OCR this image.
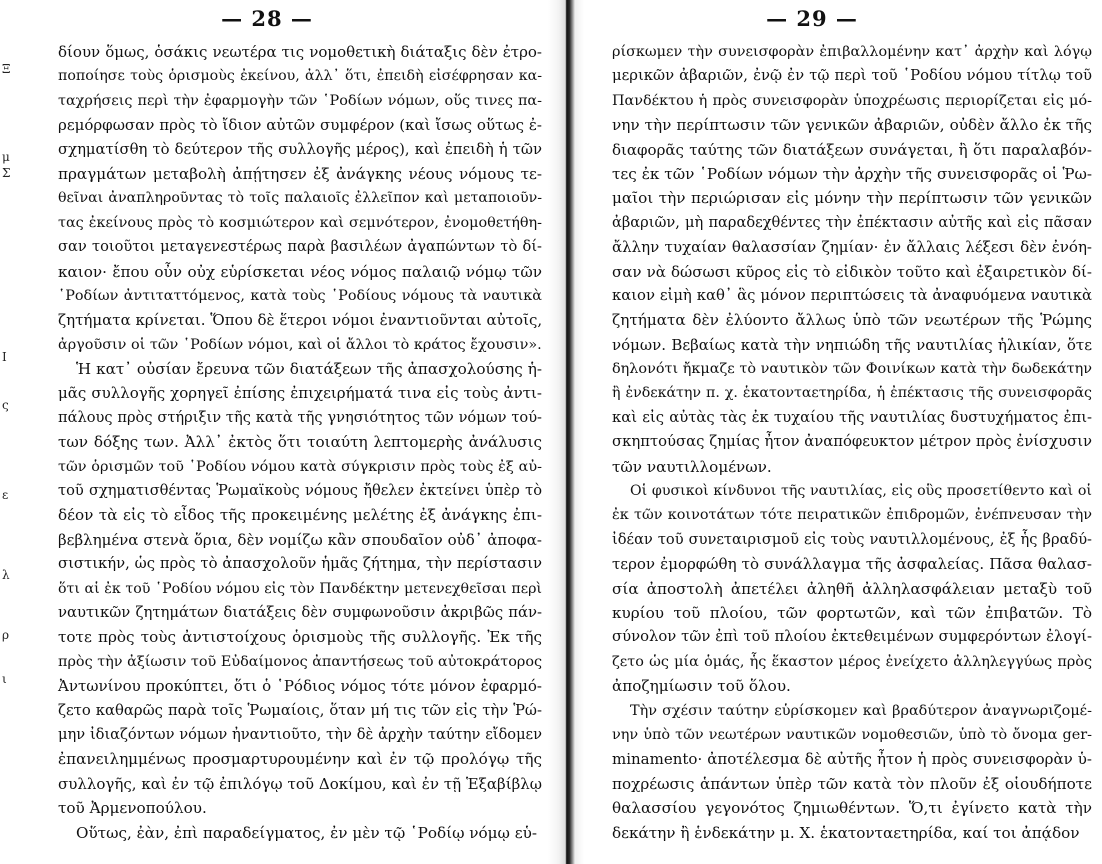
Ξ
μ
Σ
Ι
ς
ε
λ
ρ
ι
— 28 —
δίουν ὅμως, ὁσάκις νεωτέρα τις νομοθετικὴ διάταξις δὲν ἐτρο-
ποποίησε τοὺς ὁρισμοὺς ἐκείνου, ἀλλ᾿ ὅτι, ἐπειδὴ εἰσέφρησαν κα-
ταχρήσεις περὶ τὴν ἐφαρμογὴν τῶν ῾Ροδίων νόμων, οὕς τινες πα-
ρεμόρφωσαν πρὸς τὸ ἴδιον αὐτῶν συμφέρον (καὶ ἴσως οὕτως ἐ-
σχηματίσθη τὸ δεύτερον τῆς συλλογῆς μέρος), καὶ ἐπειδὴ ἡ τῶν
πραγμάτων μεταβολὴ ἀπῄτησεν ἐξ ἀνάγκης νέους νόμους τε-
θεῖναι ἀναπληροῦντας τὸ τοῖς παλαιοῖς ἐλλεῖπον καὶ μεταποιοῦν-
τας ἐκείνους πρὸς τὸ κοσμιώτερον καὶ σεμνότερον, ἐνομοθετήθη-
σαν τοιοῦτοι μεταγενεστέρως παρὰ βασιλέων ἀγαπώντων τὸ δί-
καιον· ἔπου οὖν οὐχ εὑρίσκεται νέος νόμος παλαιῷ νόμῳ τῶν
῾Ροδίων ἀντιταττόμενος, κατὰ τοὺς ῾Ροδίους νόμους τὰ ναυτικὰ
ζητήματα κρίνεται. Ὅπου δὲ ἕτεροι νόμοι ἐναντιοῦνται αὐτοῖς,
ἀργοῦσιν οἱ τῶν ῾Ροδίων νόμοι, καὶ οἱ ἄλλοι τὸ κράτος ἔχουσιν».
Ἡ κατ᾿ οὐσίαν ἔρευνα τῶν διατάξεων τῆς ἀπασχολούσης ἡ-
μᾶς συλλογῆς χορηγεῖ ἐπίσης ἐπιχειρήματά τινα εἰς τοὺς ἀντι-
πάλους πρὸς στήριξιν τῆς κατὰ τῆς γνησιότητος τῶν νόμων τού-
των δόξης των. Ἀλλ᾿ ἐκτὸς ὅτι τοιαύτη λεπτομερὴς ἀνάλυσις
τῶν ὁρισμῶν τοῦ ῾Ροδίου νόμου κατὰ σύγκρισιν πρὸς τοὺς ἐξ αὐ-
τοῦ σχηματισθέντας Ῥωμαϊκοὺς νόμους ἤθελεν ἐκτείνει ὑπὲρ τὸ
δέον τὰ εἰς τὸ εἶδος τῆς προκειμένης μελέτης ἐξ ἀνάγκης ἐπι-
βεβλημένα στενὰ ὅρια, δὲν νομίζω κἂν σπουδαῖον οὐδ᾿ ἀποφα-
σιστικήν, ὡς πρὸς τὸ ἀπασχολοῦν ἡμᾶς ζήτημα, τὴν περίστασιν
ὅτι αἱ ἐκ τοῦ ῾Ροδίου νόμου εἰς τὸν Πανδέκτην μετενεχθεῖσαι περὶ
ναυτικῶν ζητημάτων διατάξεις δὲν συμφωνοῦσιν ἀκριβῶς πάν-
τοτε πρὸς τοὺς ἀντιστοίχους ὁρισμοὺς τῆς συλλογῆς. Ἐκ τῆς
πρὸς τὴν ἀξίωσιν τοῦ Εὐδαίμονος ἀπαντήσεως τοῦ αὐτοκράτορος
Ἀντωνίνου προκύπτει, ὅτι ὁ ῾Ρόδιος νόμος τότε μόνον ἐφαρμό-
ζετο καθαρῶς παρὰ τοῖς Ῥωμαίοις, ὅταν μή τις τῶν εἰς τὴν Ῥώ-
μην ἰδιαζόντων νόμων ἠναντιοῦτο, τὴν δὲ ἀρχὴν ταύτην εἴδομεν
ἐπανειλημμένως προσμαρτυρουμένην καὶ ἐν τῷ προλόγῳ τῆς
συλλογῆς, καὶ ἐν τῷ ἐπιλόγῳ τοῦ Δοκίμου, καὶ ἐν τῇ Ἑξαβίβλῳ
τοῦ Ἀρμενοπούλου.
Οὕτως, ἐὰν, ἐπὶ παραδείγματος, ἐν μὲν τῷ ῾Ροδίῳ νόμῳ εὑ-
— 29 —
ρίσκωμεν τὴν συνεισφορὰν ἐπιβαλλομένην κατ᾿ ἀρχὴν καὶ λόγῳ
μερικῶν ἀβαριῶν, ἐνῷ ἐν τῷ περὶ τοῦ ῾Ροδίου νόμου τίτλῳ τοῦ
Πανδέκτου ἡ πρὸς συνεισφορὰν ὑποχρέωσις περιορίζεται εἰς μό-
νην τὴν περίπτωσιν τῶν γενικῶν ἀβαριῶν, οὐδὲν ἄλλο ἐκ τῆς
διαφορᾶς ταύτης τῶν διατάξεων συνάγεται, ἢ ὅτι παραλαβόν-
τες ἐκ τῶν ῾Ροδίων νόμων τὴν ἀρχὴν τῆς συνεισφορᾶς οἱ Ῥω-
μαῖοι τὴν περιώρισαν εἰς μόνην τὴν περίπτωσιν τῶν γενικῶν
ἀβαριῶν, μὴ παραδεχθέντες τὴν ἐπέκτασιν αὐτῆς καὶ εἰς πᾶσαν
ἄλλην τυχαίαν θαλασσίαν ζημίαν· ἐν ἄλλαις λέξεσι δὲν ἐνόη-
σαν νὰ δώσωσι κῦρος εἰς τὸ εἰδικὸν τοῦτο καὶ ἐξαιρετικὸν δί-
καιον εἰμὴ καθ᾿ ἃς μόνον περιπτώσεις τὰ ἀναφυόμενα ναυτικὰ
ζητήματα δὲν ἐλύοντο ἄλλως ὑπὸ τῶν νεωτέρων τῆς Ῥώμης
νόμων. Βεβαίως κατὰ τὴν νηπιώδη τῆς ναυτιλίας ἡλικίαν, ὅτε
δηλονότι ἤκμαζε τὸ ναυτικὸν τῶν Φοινίκων κατὰ τὴν δωδεκάτην
ἢ ἐνδεκάτην π. χ. ἑκατονταετηρίδα, ἡ ἐπέκτασις τῆς συνεισφορᾶς
καὶ εἰς αὐτὰς τὰς ἐκ τυχαίου τῆς ναυτιλίας δυστυχήματος ἐπι-
σκηπτούσας ζημίας ἦτον ἀναπόφευκτον μέτρον πρὸς ἐνίσχυσιν
τῶν ναυτιλλομένων.
Οἱ φυσικοὶ κίνδυνοι τῆς ναυτιλίας, εἰς οὓς προσετίθεντο καὶ οἱ
ἐκ τῶν κοινοτάτων τότε πειρατικῶν ἐπιδρομῶν, ἐνέπνευσαν τὴν
ἰδέαν τοῦ συνεταιρισμοῦ εἰς τοὺς ναυτιλλομένους, ἐξ ἧς βραδύ-
τερον ἐμορφώθη τὸ συνάλλαγμα τῆς ἀσφαλείας. Πᾶσα θαλασ-
σία ἀποστολὴ ἀπετέλει ἀληθῆ ἀλληλασφάλειαν μεταξὺ τοῦ
κυρίου τοῦ πλοίου, τῶν φορτωτῶν, καὶ τῶν ἐπιβατῶν. Τὸ
σύνολον τῶν ἐπὶ τοῦ πλοίου ἐκτεθειμένων συμφερόντων ἐλογί-
ζετο ὡς μία ὁμάς, ἧς ἕκαστον μέρος ἐνείχετο ἀλληλεγγύως πρὸς
ἀποζημίωσιν τοῦ ὅλου.
Τὴν σχέσιν ταύτην εὑρίσκομεν καὶ βραδύτερον ἀναγνωριζομέ-
νην ὑπὸ τῶν νεωτέρων ναυτικῶν νομοθεσιῶν, ὑπὸ τὸ ὄνομα ger-
minamento· ἀποτέλεσμα δὲ αὐτῆς ἦτον ἡ πρὸς συνεισφορὰν ὑ-
ποχρέωσις ἁπάντων ὑπὲρ τῶν κατὰ τὸν πλοῦν ἐξ οἱουδήποτε
θαλασσίου γεγονότος ζημιωθέντων. Ὅ,τι ἐγίνετο κατὰ τὴν
δεκάτην ἢ ἑνδεκάτην μ. Χ. ἑκατονταετηρίδα, καί τοι ἀπᾴδον
